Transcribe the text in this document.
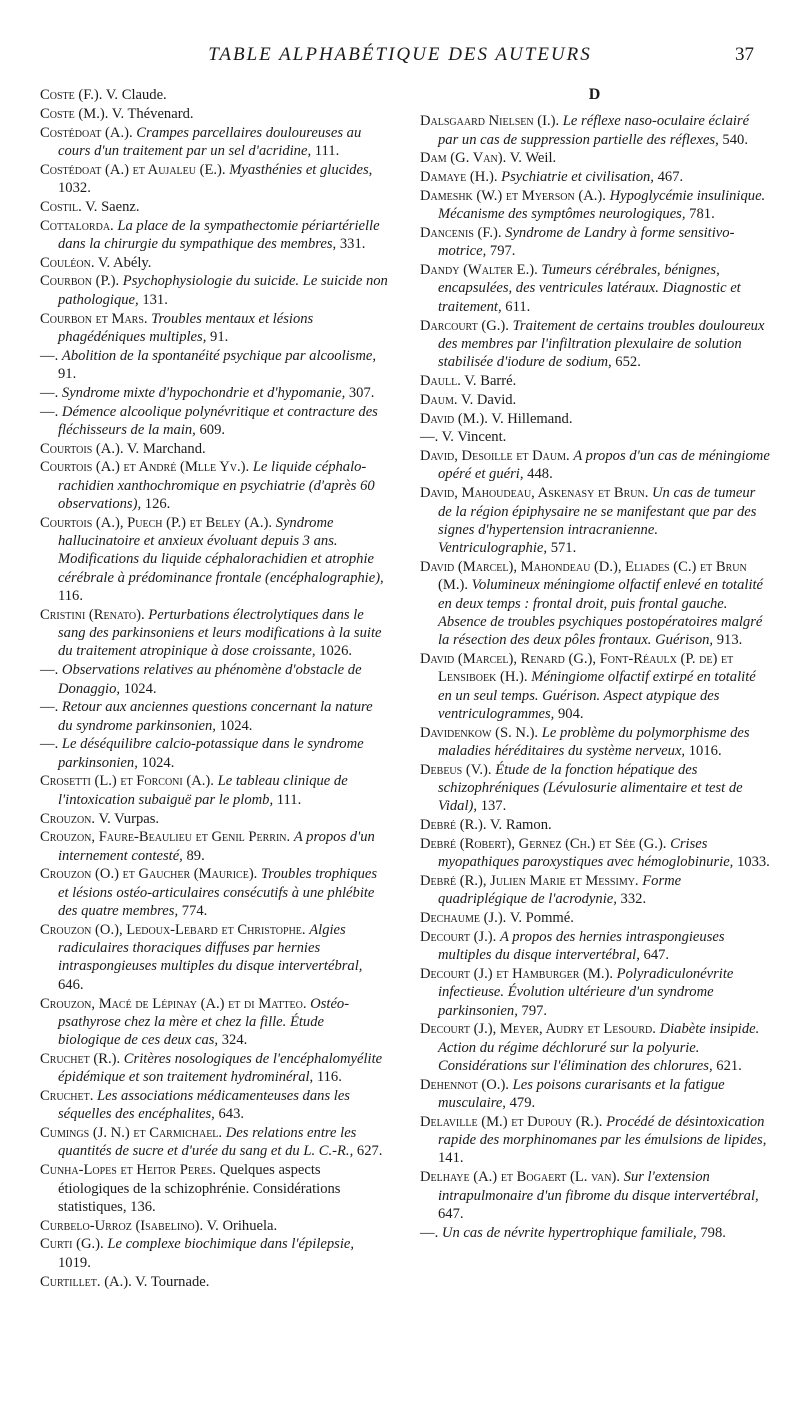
TABLE ALPHABÉTIQUE DES AUTEURS	37

Coste (F.). V. Claude.

Coste (M.). V. Thévenard.

Costédoat (A.). Crampes parcellaires douloureuses au cours d'un traitement par un sel d'acridine, 111.

Costédoat (A.) et Aujaleu (E.). Myasthénies et glucides, 1032.

Costil. V. Saenz.

Cottalorda. La place de la sympathectomie périartérielle dans la chirurgie du sympathique des membres, 331.

Couléon. V. Abély.

Courbon (P.). Psychophysiologie du suicide. Le suicide non pathologique, 131.

Courbon et Mars. Troubles mentaux et lésions phagédéniques multiples, 91.

—. Abolition de la spontanéité psychique par alcoolisme, 91.

—. Syndrome mixte d'hypochondrie et d'hypomanie, 307.

—. Démence alcoolique polynévritique et contracture des fléchisseurs de la main, 609.

Courtois (A.). V. Marchand.

Courtois (A.) et André (Mlle Yv.). Le liquide céphalo-rachidien xanthochromique en psychiatrie (d'après 60 observations), 126.

Courtois (A.), Puech (P.) et Beley (A.). Syndrome hallucinatoire et anxieux évoluant depuis 3 ans. Modifications du liquide céphalorachidien et atrophie cérébrale à prédominance frontale (encéphalographie), 116.

Cristini (Renato). Perturbations électrolytiques dans le sang des parkinsoniens et leurs modifications à la suite du traitement atropinique à dose croissante, 1026.

—. Observations relatives au phénomène d'obstacle de Donaggio, 1024.

—. Retour aux anciennes questions concernant la nature du syndrome parkinsonien, 1024.

—. Le déséquilibre calcio-potassique dans le syndrome parkinsonien, 1024.

Crosetti (L.) et Forconi (A.). Le tableau clinique de l'intoxication subaiguë par le plomb, 111.

Crouzon. V. Vurpas.

Crouzon, Faure-Beaulieu et Genil Perrin. A propos d'un internement contesté, 89.

Crouzon (O.) et Gaucher (Maurice). Troubles trophiques et lésions ostéo-articulaires consécutifs à une phlébite des quatre membres, 774.

Crouzon (O.), Ledoux-Lebard et Christophe. Algies radiculaires thoraciques diffuses par hernies intraspongieuses multiples du disque intervertébral, 646.

Crouzon, Macé de Lépinay (A.) et di Matteo. Ostéo-psathyrose chez la mère et chez la fille. Étude biologique de ces deux cas, 324.

Cruchet (R.). Critères nosologiques de l'encéphalomyélite épidémique et son traitement hydrominéral, 116.

Cruchet. Les associations médicamenteuses dans les séquelles des encéphalites, 643.

Cumings (J. N.) et Carmichael. Des relations entre les quantités de sucre et d'urée du sang et du L. C.-R., 627.

Cunha-Lopes et Heitor Peres. Quelques aspects étiologiques de la schizophrénie. Considérations statistiques, 136.

Curbelo-Urroz (Isabelino). V. Orihuela.

Curti (G.). Le complexe biochimique dans l'épilepsie, 1019.

Curtillet. (A.). V. Tournade.

D

Dalsgaard Nielsen (I.). Le réflexe naso-oculaire éclairé par un cas de suppression partielle des réflexes, 540.

Dam (G. Van). V. Weil.

Damaye (H.). Psychiatrie et civilisation, 467.

Dameshk (W.) et Myerson (A.). Hypoglycémie insulinique. Mécanisme des symptômes neurologiques, 781.

Dancenis (F.). Syndrome de Landry à forme sensitivo-motrice, 797.

Dandy (Walter E.). Tumeurs cérébrales, bénignes, encapsulées, des ventricules latéraux. Diagnostic et traitement, 611.

Darcourt (G.). Traitement de certains troubles douloureux des membres par l'infiltration plexulaire de solution stabilisée d'iodure de sodium, 652.

Daull. V. Barré.

Daum. V. David.

David (M.). V. Hillemand.

—. V. Vincent.

David, Desoille et Daum. A propos d'un cas de méningiome opéré et guéri, 448.

David, Mahoudeau, Askenasy et Brun. Un cas de tumeur de la région épiphysaire ne se manifestant que par des signes d'hypertension intracranienne. Ventriculographie, 571.

David (Marcel), Mahondeau (D.), Eliades (C.) et Brun (M.). Volumineux méningiome olfactif enlevé en totalité en deux temps : frontal droit, puis frontal gauche. Absence de troubles psychiques postopératoires malgré la résection des deux pôles frontaux. Guérison, 913.

David (Marcel), Renard (G.), Font-Réaulx (P. de) et Lensiboek (H.). Méningiome olfactif extirpé en totalité en un seul temps. Guérison. Aspect atypique des ventriculogrammes, 904.

Davidenkow (S. N.). Le problème du polymorphisme des maladies héréditaires du système nerveux, 1016.

Debeus (V.). Étude de la fonction hépatique des schizophréniques (Lévulosurie alimentaire et test de Vidal), 137.

Debré (R.). V. Ramon.

Debré (Robert), Gernez (Ch.) et Sée (G.). Crises myopathiques paroxystiques avec hémoglobinurie, 1033.

Debré (R.), Julien Marie et Messimy. Forme quadriplégique de l'acrodynie, 332.

Dechaume (J.). V. Pommé.

Decourt (J.). A propos des hernies intraspongieuses multiples du disque intervertébral, 647.

Decourt (J.) et Hamburger (M.). Polyradiculonévrite infectieuse. Évolution ultérieure d'un syndrome parkinsonien, 797.

Decourt (J.), Meyer, Audry et Lesourd. Diabète insipide. Action du régime déchloruré sur la polyurie. Considérations sur l'élimination des chlorures, 621.

Dehennot (O.). Les poisons curarisants et la fatigue musculaire, 479.

Delaville (M.) et Dupouy (R.). Procédé de désintoxication rapide des morphinomanes par les émulsions de lipides, 141.

Delhaye (A.) et Bogaert (L. van). Sur l'extension intrapulmonaire d'un fibrome du disque intervertébral, 647.

—. Un cas de névrite hypertrophique familiale, 798.
